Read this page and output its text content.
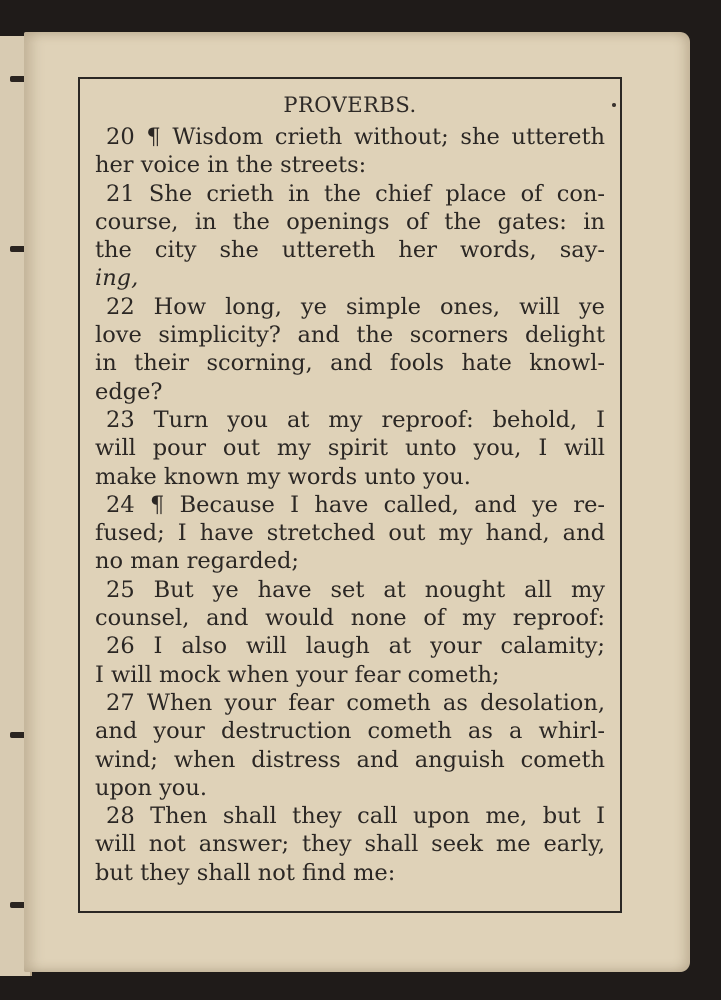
PROVERBS.
20 ¶ Wisdom crieth without; she uttereth
her voice in the streets:
21 She crieth in the chief place of con-
course, in the openings of the gates: in
the city she uttereth her words, say-
ing,
22 How long, ye simple ones, will ye
love simplicity? and the scorners delight
in their scorning, and fools hate knowl-
edge?
23 Turn you at my reproof: behold, I
will pour out my spirit unto you, I will
make known my words unto you.
24 ¶ Because I have called, and ye re-
fused; I have stretched out my hand, and
no man regarded;
25 But ye have set at nought all my
counsel, and would none of my reproof:
26 I also will laugh at your calamity;
I will mock when your fear cometh;
27 When your fear cometh as desolation,
and your destruction cometh as a whirl-
wind; when distress and anguish cometh
upon you.
28 Then shall they call upon me, but I
will not answer; they shall seek me early,
but they shall not find me:
